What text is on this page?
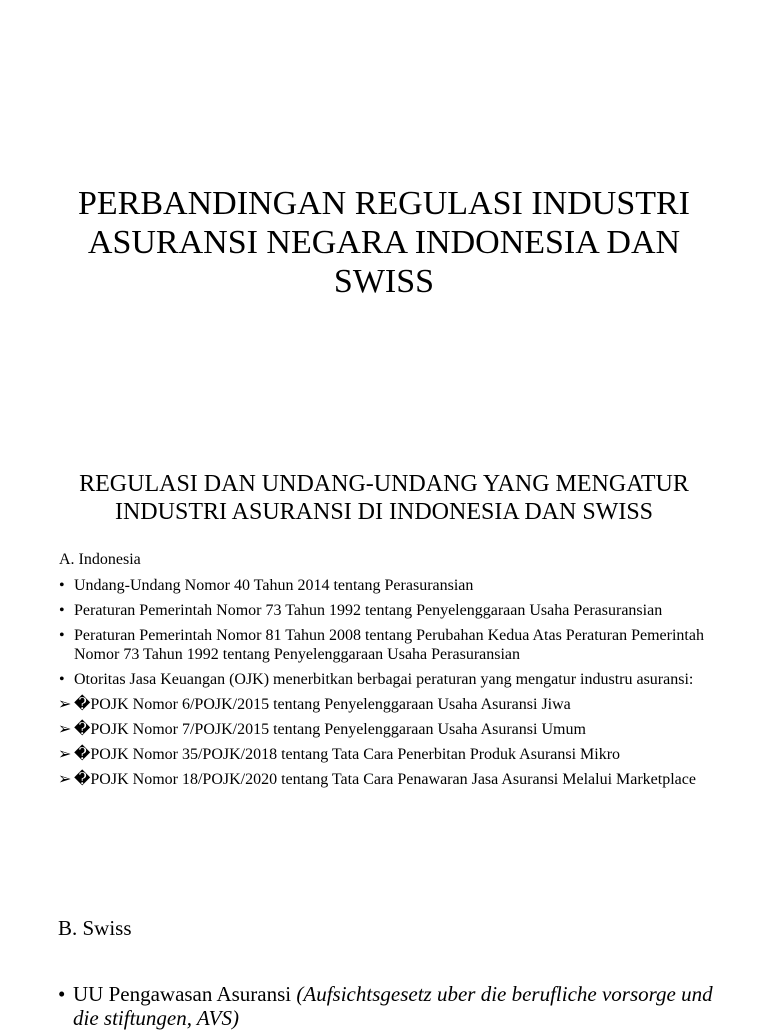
PERBANDINGAN REGULASI INDUSTRI ASURANSI NEGARA INDONESIA DAN SWISS
REGULASI DAN UNDANG-UNDANG YANG MENGATUR INDUSTRI ASURANSI DI INDONESIA DAN SWISS
A. Indonesia
• Undang-Undang Nomor 40 Tahun 2014 tentang Perasuransian
• Peraturan Pemerintah Nomor 73 Tahun 1992 tentang Penyelenggaraan Usaha Perasuransian
• Peraturan Pemerintah Nomor 81 Tahun 2008 tentang Perubahan Kedua Atas Peraturan Pemerintah Nomor 73 Tahun 1992 tentang Penyelenggaraan Usaha Perasuransian
• Otoritas Jasa Keuangan (OJK) menerbitkan berbagai peraturan yang mengatur industru asuransi:
➢ �POJK Nomor 6/POJK/2015 tentang Penyelenggaraan Usaha Asuransi Jiwa
➢ �POJK Nomor 7/POJK/2015 tentang Penyelenggaraan Usaha Asuransi Umum
➢ �POJK Nomor 35/POJK/2018 tentang Tata Cara Penerbitan Produk Asuransi Mikro
➢ �POJK Nomor 18/POJK/2020 tentang Tata Cara Penawaran Jasa Asuransi Melalui Marketplace
B. Swiss
• UU Pengawasan Asuransi (Aufsichtsgesetz uber die berufliche vorsorge und die stiftungen, AVS)
